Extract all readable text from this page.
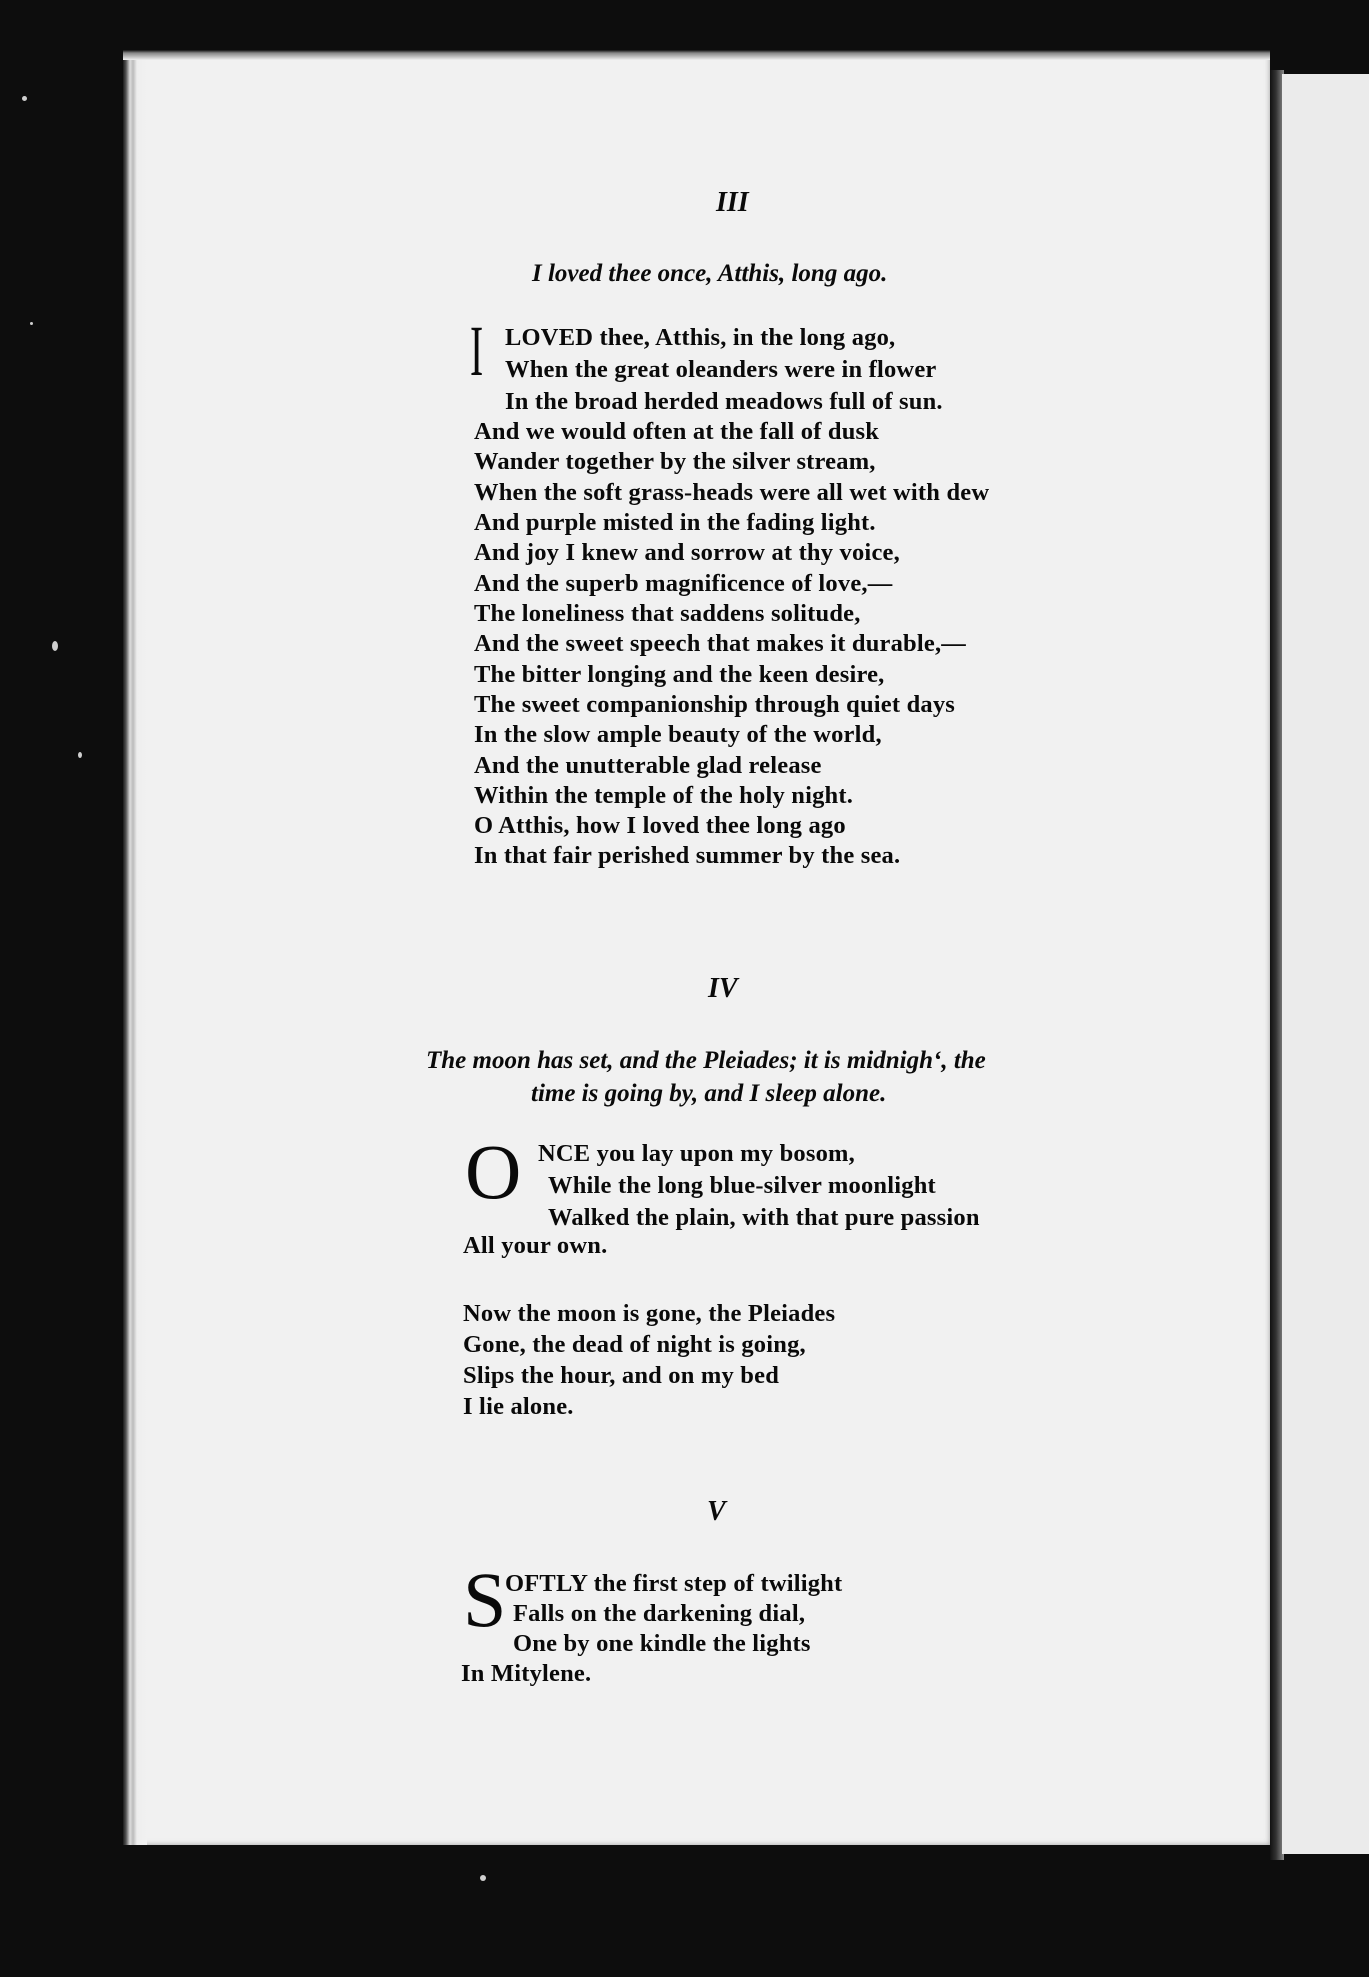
III
I loved thee once, Atthis, long ago.
I LOVED thee, Atthis, in the long ago,
When the great oleanders were in flower
In the broad herded meadows full of sun.
And we would often at the fall of dusk
Wander together by the silver stream,
When the soft grass-heads were all wet with dew
And purple misted in the fading light.
And joy I knew and sorrow at thy voice,
And the superb magnificence of love,—
The loneliness that saddens solitude,
And the sweet speech that makes it durable,—
The bitter longing and the keen desire,
The sweet companionship through quiet days
In the slow ample beauty of the world,
And the unutterable glad release
Within the temple of the holy night.
O Atthis, how I loved thee long ago
In that fair perished summer by the sea.
IV
The moon has set, and the Pleiades; it is midnigh‘, the
time is going by, and I sleep alone.
O NCE you lay upon my bosom,
While the long blue-silver moonlight
Walked the plain, with that pure passion
All your own.
Now the moon is gone, the Pleiades
Gone, the dead of night is going,
Slips the hour, and on my bed
I lie alone.
V
S
OFTLY the first step of twilight
Falls on the darkening dial,
One by one kindle the lights
In Mitylene.
